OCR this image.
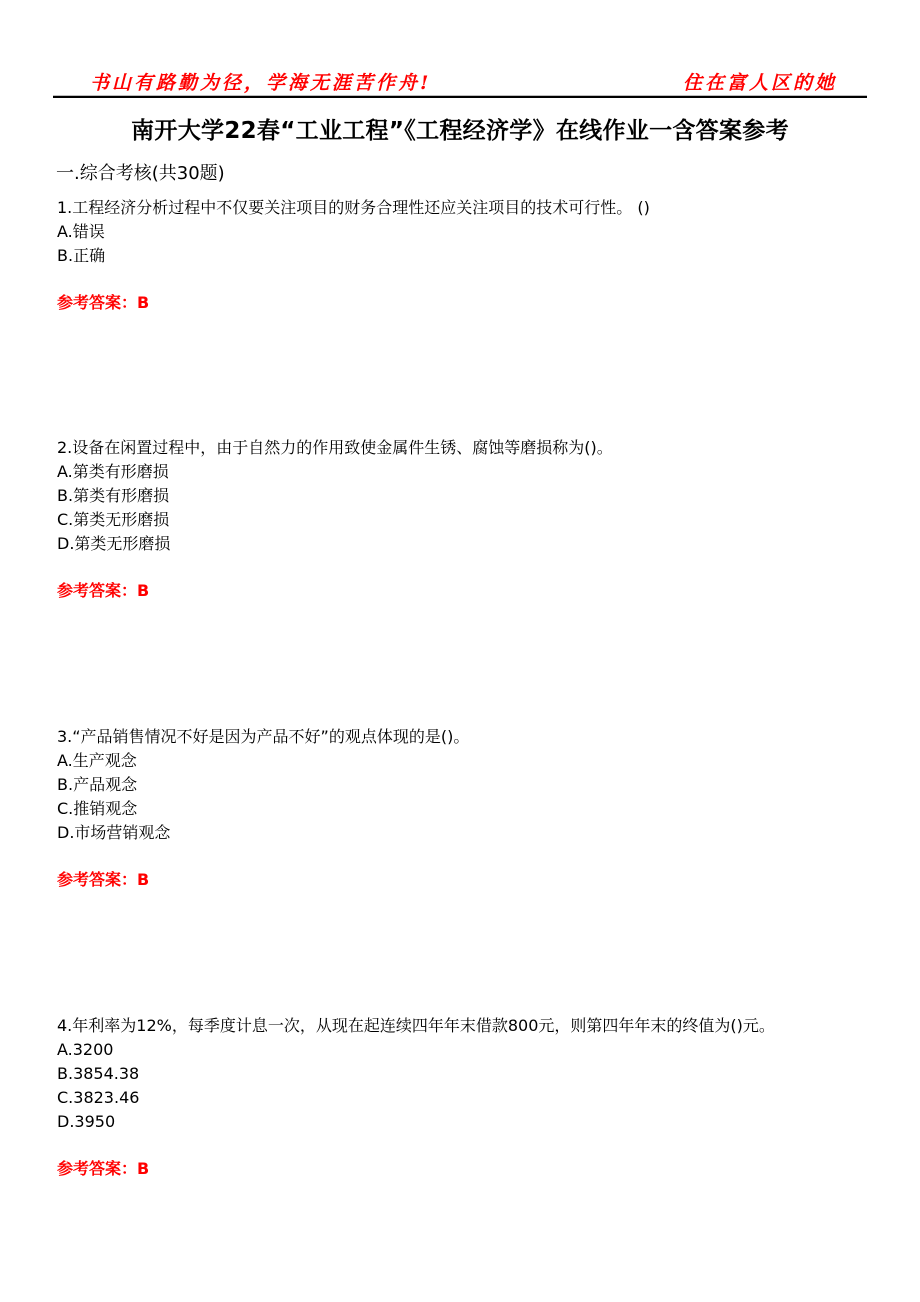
书山有路勤为径，学海无涯苦作舟!	住在富人区的她
南开大学22春“工业工程”《工程经济学》在线作业一含答案参考
一.综合考核(共30题)
1.工程经济分析过程中不仅要关注项目的财务合理性还应关注项目的技术可行性。 ()
A.错误
B.正确
参考答案：B
2.设备在闲置过程中，由于自然力的作用致使金属件生锈、腐蚀等磨损称为()。
A.第类有形磨损
B.第类有形磨损
C.第类无形磨损
D.第类无形磨损
参考答案：B
3.“产品销售情况不好是因为产品不好”的观点体现的是()。
A.生产观念
B.产品观念
C.推销观念
D.市场营销观念
参考答案：B
4.年利率为12%，每季度计息一次，从现在起连续四年年末借款800元，则第四年年末的终值为()元。
A.3200
B.3854.38
C.3823.46
D.3950
参考答案：B
